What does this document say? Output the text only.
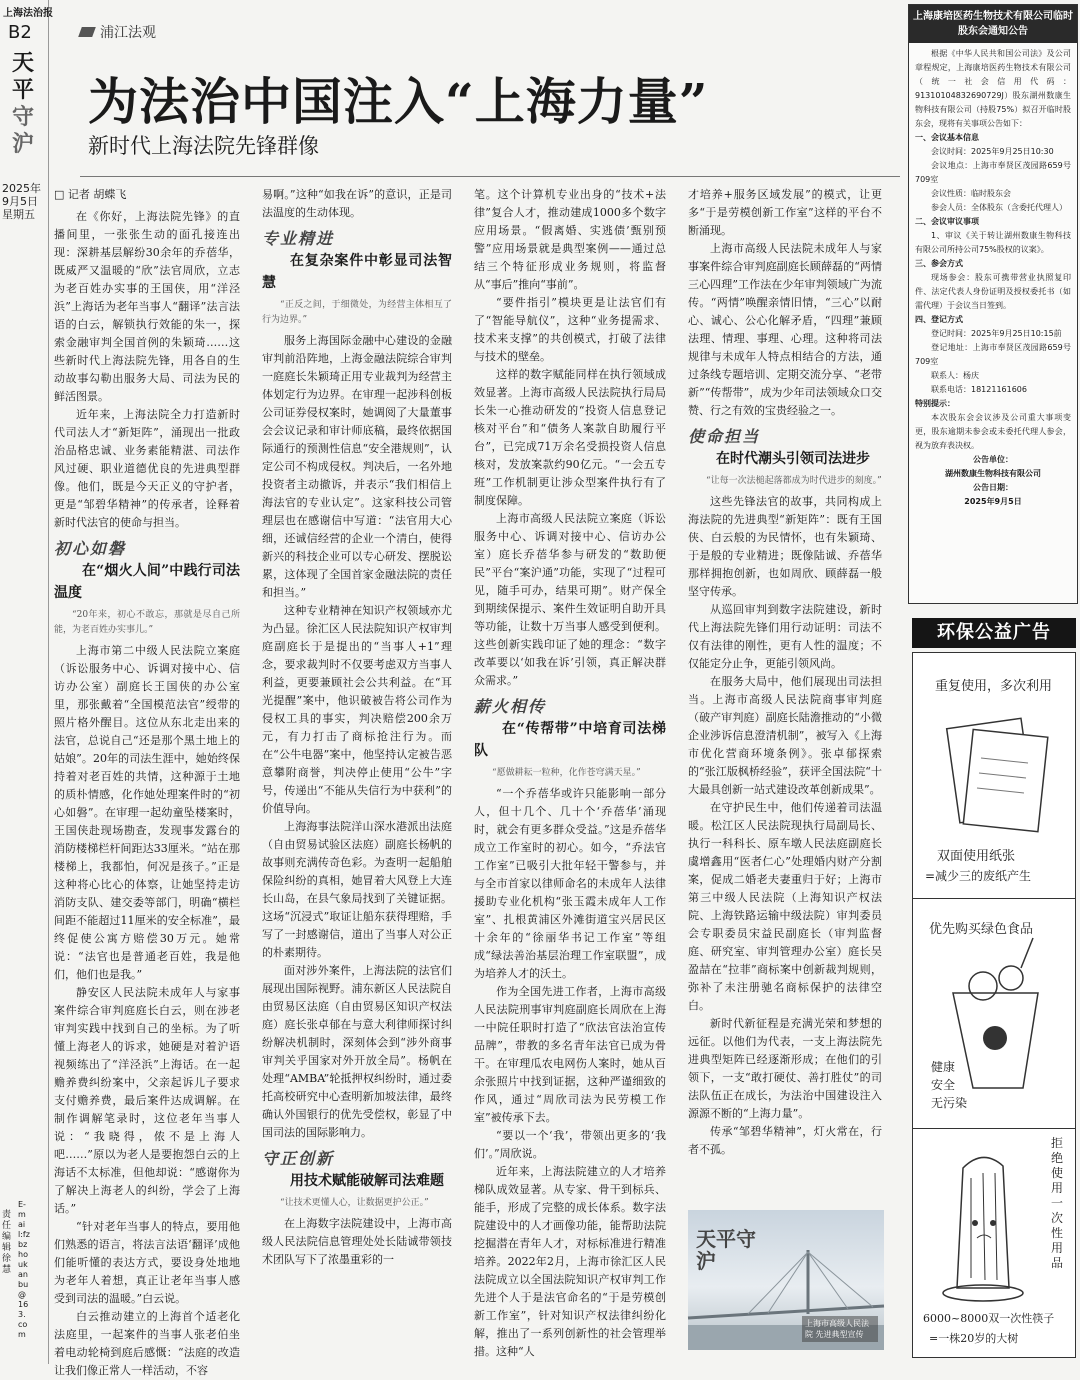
上海法治报
B2
天平 守沪
2025年
9月5日
星期五
责任编辑 徐慧
E-mail:fzbzhoukanbu@163.com
浦江法观
为法治中国注入“上海力量”
新时代上海法院先锋群像
□ 记者 胡蝶飞

在《你好，上海法院先锋》的直播间里，一张张生动的面孔接连出现：深耕基层解纷30余年的乔蓓华，既威严又温暖的“欣”法官周欣，立志为老百姓办实事的王国侠，用“洋泾浜”上海话为老年当事人“翻译”法言法语的白云，解锁执行效能的朱一，探索金融审判全国首例的朱颖琦……这些新时代上海法院先锋，用各自的生动故事勾勒出服务大局、司法为民的鲜活图景。

近年来，上海法院全力打造新时代司法人才“新矩阵”，涌现出一批政治品格忠诚、业务素能精湛、司法作风过硬、职业道德优良的先进典型群像。他们，既是今天正义的守护者，更是“邹碧华精神”的传承者，诠释着新时代法官的使命与担当。

初心如磐
在“烟火人间”中践行司法温度
“20年来，初心不敢忘，那就是尽自己所能，为老百姓办实事儿。”

上海市第二中级人民法院立案庭（诉讼服务中心、诉调对接中心、信访办公室）副庭长王国侠的办公室里，那张戴着“全国模范法官”绶带的照片格外醒目。这位从东北走出来的法官，总说自己“还是那个黑土地上的姑娘”。20年的司法生涯中，她始终保持着对老百姓的共情，这种源于土地的质朴情感，化作她处理案件时的“初心如磐”。在审理一起幼童坠楼案时，王国侠赴现场勘查，发现事发露台的消防楼梯栏杆间距达33厘米。“站在那楼梯上，我都怕，何况是孩子。”正是这种将心比心的体察，让她坚持走访消防支队、建交委等部门，明确“横栏间距不能超过11厘米的安全标准”，最终促使公寓方赔偿30万元。她常说：“法官也是普通老百姓，我是他们，他们也是我。”

静安区人民法院未成年人与家事案件综合审判庭庭长白云，则在涉老审判实践中找到自己的坐标。为了听懂上海老人的诉求，她硬是对着沪语视频练出了“洋泾浜”上海话。在一起赡养费纠纷案中，父亲起诉儿子要求支付赡养费，最后案件达成调解。在制作调解笔录时，这位老年当事人说：“我晓得，侬不是上海人吧……”原以为老人是要抱怨白云的上海话不太标准，但他却说：“感谢你为了解决上海老人的纠纷，学会了上海话。”

“针对老年当事人的特点，要用他们熟悉的语言，将法言法语‘翻译’成他们能听懂的表达方式，要设身处地地为老年人着想，真正让老年当事人感受到司法的温暖。”白云说。

白云推动建立的上海首个适老化法庭里，一起案件的当事人张老伯坐着电动轮椅到庭后感慨：“法庭的改造让我们像正常人一样活动，不容

易啊。”这种“如我在诉”的意识，正是司法温度的生动体现。

专业精进
在复杂案件中彰显司法智慧
“正反之间，于细微处，为经营主体相互了行为边界。”

服务上海国际金融中心建设的金融审判前沿阵地，上海金融法院综合审判一庭庭长朱颖琦正用专业裁判为经营主体划定行为边界。在审理一起涉科创板公司证券侵权案时，她调阅了大量董事会会议记录和审计师底稿，最终依据国际通行的预测性信息“安全港规则”，认定公司不构成侵权。判决后，一名外地投资者主动撤诉，并表示“我们相信上海法官的专业认定”。这家科技公司管理层也在感谢信中写道：“法官用大心细，还诚信经营的企业一个清白，使得新兴的科技企业可以专心研发、摆脱讼累，这体现了全国首家金融法院的责任和担当。”

这种专业精神在知识产权领域亦尤为凸显。徐汇区人民法院知识产权审判庭副庭长于是提出的“当事人+1”理念，要求裁判时不仅要考虑双方当事人利益，更要兼顾社会公共利益。在“耳光提醒”案中，他识破被告将公司作为侵权工具的事实，判决赔偿200余万元，有力打击了商标抢注行为。而在“公牛电器”案中，他坚持认定被告恶意攀附商誉，判决停止使用“公牛”字号，传递出“不能从失信行为中获利”的价值导向。

上海海事法院洋山深水港派出法庭（自由贸易试验区法庭）副庭长杨帆的故事则充满传奇色彩。为查明一起船舶保险纠纷的真相，她冒着大风登上大连长山岛，在县气象局找到了关键证据。这场“沉浸式”取证让船东获得理赔，手写了一封感谢信，道出了当事人对公正的朴素期待。

面对涉外案件，上海法院的法官们展现出国际视野。浦东新区人民法院自由贸易区法庭（自由贸易区知识产权法庭）庭长张卓郁在与意大利律师探讨纠纷解决机制时，深刻体会到“涉外商事审判关乎国家对外开放全局”。杨帆在处理“AMBA”轮抵押权纠纷时，通过委托高校研究中心查明新加坡法律，最终确认外国银行的优先受偿权，彰显了中国司法的国际影响力。

守正创新
用技术赋能破解司法难题
“让技术更懂人心，让数据更护公正。”

在上海数字法院建设中，上海市高级人民法院信息管理处处长陆诚带领技术团队写下了浓墨重彩的一

笔。这个计算机专业出身的“技术+法律”复合人才，推动建成1000多个数字应用场景。“假离婚、实逃债’甄别预警”应用场景就是典型案例——通过总结三个特征形成业务规则，将监督从“事后”推向“事前”。

“要件指引”模块更是让法官们有了“智能导航仪”，这种“业务提需求、技术来支撑”的共创模式，打破了法律与技术的壁垒。

这样的数字赋能同样在执行领域成效显著。上海市高级人民法院执行局局长朱一心推动研发的“投资人信息登记核对平台”和“债务人案款自助履行平台”，已完成71万余名受损投资人信息核对，发放案款约90亿元。“一会五专班”工作机制更让涉众型案件执行有了制度保障。

上海市高级人民法院立案庭（诉讼服务中心、诉调对接中心、信访办公室）庭长乔蓓华参与研发的“数助便民”平台“案沪通”功能，实现了“过程可见，随手可办，结果可期”。财产保全到期续保提示、案件生效证明自助开具等功能，让数十万当事人感受到便利。这些创新实践印证了她的理念：“数字改革要以‘如我在诉’引领，真正解决群众需求。”

薪火相传
在“传帮带”中培育司法梯队
“愿做耕耘一粒种，化作苍穹满天星。”

“一个乔蓓华或许只能影响一部分人，但十几个、几十个‘乔蓓华’涌现时，就会有更多群众受益。”这是乔蓓华成立工作室时的初心。如今，“乔法官工作室”已吸引大批年轻干警参与，并与全市首家以律师命名的未成年人法律援助专业化机构“张玉霞未成年人工作室”、扎根黄浦区外滩街道宝兴居民区十余年的“徐丽华书记工作室”等组成“绿法善治基层治理工作室联盟”，成为培养人才的沃土。

作为全国先进工作者，上海市高级人民法院刑事审判庭副庭长周欣在上海一中院任职时打造了“欣法官法治宣传品牌”，带教的多名青年法官已成为骨干。在审理瓜农电网伤人案时，她从百余张照片中找到证据，这种严谨细致的作风，通过“周欣司法为民劳模工作室”被传承下去。

“要以一个‘我’，带领出更多的‘我们’。”周欣说。

近年来，上海法院建立的人才培养梯队成效显著。从专家、骨干到标兵、能手，形成了完整的成长体系。数字法院建设中的人才画像功能，能帮助法院挖掘潜在青年人才，对标标准进行精准培养。2022年2月，上海市徐汇区人民法院成立以全国法院知识产权审判工作先进个人于是法官命名的“于是劳模创新工作室”，针对知识产权法律纠纷化解，推出了一系列创新性的社会管理举措。这种“人

才培养+服务区域发展”的模式，让更多“于是劳模创新工作室”这样的平台不断涌现。

上海市高级人民法院未成年人与家事案件综合审判庭副庭长顾薛磊的“两情三心四理”工作法在少年审判领域广为流传。“两情”唤醒亲情旧情，“三心”以耐心、诚心、公心化解矛盾，“四理”兼顾法理、情理、事理、心理。这种将司法规律与未成年人特点相结合的方法，通过条线专题培训、定期交流分享、“老带新”“传帮带”，成为少年司法领域众口交赞、行之有效的宝贵经验之一。

使命担当
在时代潮头引领司法进步
“让每一次法槌起落都成为时代进步的刻度。”

这些先锋法官的故事，共同构成上海法院的先进典型“新矩阵”：既有王国侠、白云般的为民情怀，也有朱颖琦、于是般的专业精进；既像陆诚、乔蓓华那样拥抱创新，也如周欣、顾薛磊一般坚守传承。

从巡回审判到数字法院建设，新时代上海法院先锋们用行动证明：司法不仅有法律的刚性，更有人性的温度；不仅能定分止争，更能引领风尚。

在服务大局中，他们展现出司法担当。上海市高级人民法院商事审判庭（破产审判庭）副庭长陆澹推动的“小微企业涉诉信息澄清机制”，被写入《上海市优化营商环境条例》。张卓郁探索的“张江版枫桥经验”，获评全国法院“十大最具创新一站式建设改革创新成果”。

在守护民生中，他们传递着司法温暖。松江区人民法院现执行局副局长、执行一科科长、原车墩人民法庭副庭长虞增鑫用“医者仁心”处理婚内财产分割案，促成二婚老夫妻重归于好；上海市第三中级人民法院（上海知识产权法院、上海铁路运输中级法院）审判委员会专职委员宋益民副庭长（审判监督庭、研究室、审判管理办公室）庭长吴盈喆在“拉菲”商标案中创新裁判规则，弥补了未注册驰名商标保护的法律空白。

新时代新征程是充满光荣和梦想的远征。以他们为代表，一支上海法院先进典型矩阵已经逐渐形成；在他们的引领下，一支“敢打硬仗、善打胜仗”的司法队伍正在成长，为法治中国建设注入源源不断的“上海力量”。

传承“邹碧华精神”，灯火常在，行者不孤。

天平守沪
上海市高级人民法院 先进典型宣传
上海康培医药生物技术有限公司临时股东会通知公告

根据《中华人民共和国公司法》及公司章程规定，上海康培医药生物技术有限公司（统一社会信用代码：91310104832690729J）股东湖州数康生物科技有限公司（持股75%）拟召开临时股东会，现将有关事项公告如下：

一、会议基本信息

会议时间：2025年9月25日10:30

会议地点：上海市奉贤区茂园路659号709室

会议性质：临时股东会

参会人员：全体股东（含委托代理人）

二、会议审议事项

1、审议《关于转让湖州数康生物科技有限公司所持公司75%股权的议案》。

三、参会方式

现场参会：股东可携带营业执照复印件、法定代表人身份证明及授权委托书（如需代理）于会议当日签到。

四、登记方式

登记时间：2025年9月25日10:15前

登记地址：上海市奉贤区茂园路659号709室

联系人：杨庆

联系电话：18121161606

特别提示：

本次股东会会议涉及公司重大事项变更，股东逾期未参会或未委托代理人参会，视为放弃表决权。

公告单位：

湖州数康生物科技有限公司

公告日期：

2025年9月5日

环保公益广告
重复使用，多次利用
双面使用纸张
=减少三的废纸产生
优先购买绿色食品
健康
安全
无污染
拒绝使用一次性用品
6000~8000双一次性筷子
=一株20岁的大树
